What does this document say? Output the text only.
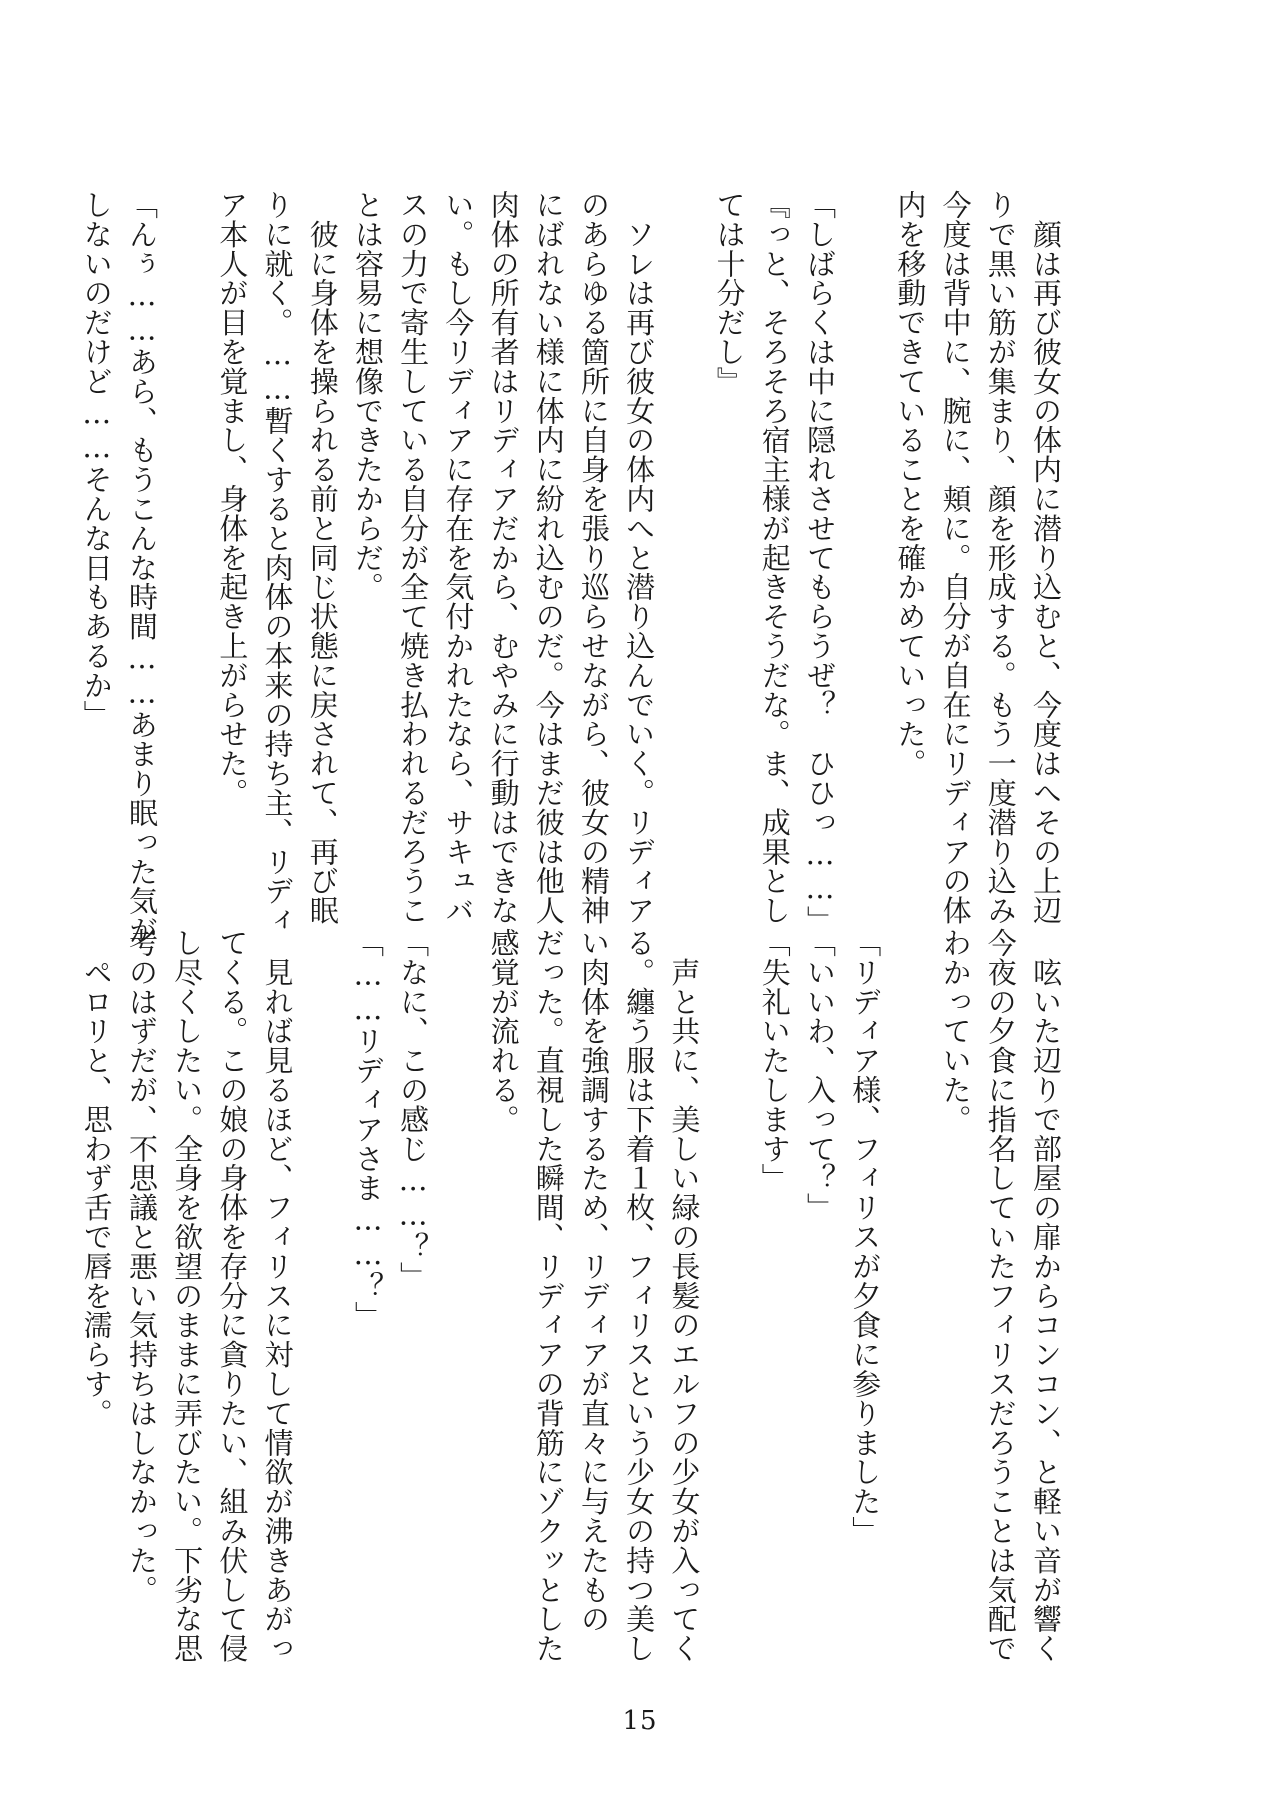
　顔は再び彼女の体内に潜り込むと、今度はへその上辺
りで黒い筋が集まり、顔を形成する。もう一度潜り込み
今度は背中に、腕に、頬に。自分が自在にリディアの体
内を移動できていることを確かめていった。

「しばらくは中に隠れさせてもらうぜ？　ひひっ……」
『っと、そろそろ宿主様が起きそうだな。ま、成果とし
ては十分だし』

　ソレは再び彼女の体内へと潜り込んでいく。リディア
のあらゆる箇所に自身を張り巡らせながら、彼女の精神
にばれない様に体内に紛れ込むのだ。今はまだ彼は他人
肉体の所有者はリディアだから、むやみに行動はできな
い。もし今リディアに存在を気付かれたなら、サキュバ
スの力で寄生している自分が全て焼き払われるだろうこ
とは容易に想像できたからだ。
　彼に身体を操られる前と同じ状態に戻されて、再び眠
りに就く。……暫くすると肉体の本来の持ち主、リディ
ア本人が目を覚まし、身体を起き上がらせた。

「んぅ……あら、もうこんな時間……あまり眠った気が
しないのだけど……そんな日もあるか」
　呟いた辺りで部屋の扉からコンコン、と軽い音が響く
今夜の夕食に指名していたフィリスだろうことは気配で
わかっていた。

「リディア様、フィリスが夕食に参りました」
「いいわ、入って？」
「失礼いたします」

　声と共に、美しい緑の長髪のエルフの少女が入ってく
る。纏う服は下着１枚、フィリスという少女の持つ美し
い肉体を強調するため、リディアが直々に与えたもの
だった。直視した瞬間、リディアの背筋にゾクッとした
感覚が流れる。

「なに、この感じ……？」
「……リディアさま……？」

　見れば見るほど、フィリスに対して情欲が沸きあがっ
てくる。この娘の身体を存分に貪りたい、組み伏して侵
し尽くしたい。全身を欲望のままに弄びたい。下劣な思
考のはずだが、不思議と悪い気持ちはしなかった。
　ペロリと、思わず舌で唇を濡らす。
15
